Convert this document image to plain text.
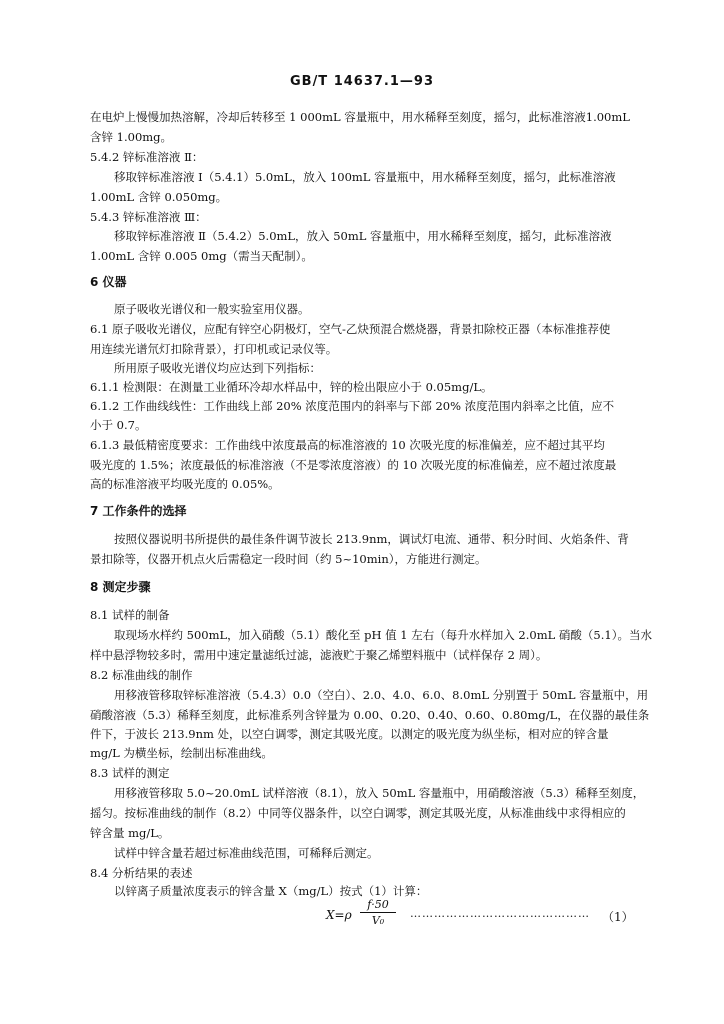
GB/T 14637.1—93
在电炉上慢慢加热溶解，冷却后转移至 1 000mL 容量瓶中，用水稀释至刻度，摇匀，此标准溶液1.00mL
含锌 1.00mg。
5.4.2 锌标准溶液 Ⅱ：
移取锌标准溶液 Ⅰ（5.4.1）5.0mL，放入 100mL 容量瓶中，用水稀释至刻度，摇匀，此标准溶液
1.00mL 含锌 0.050mg。
5.4.3 锌标准溶液 Ⅲ：
移取锌标准溶液 Ⅱ（5.4.2）5.0mL，放入 50mL 容量瓶中，用水稀释至刻度，摇匀，此标准溶液
1.00mL 含锌 0.005 0mg（需当天配制）。
6 仪器
原子吸收光谱仪和一般实验室用仪器。
6.1 原子吸收光谱仪，应配有锌空心阴极灯，空气-乙炔预混合燃烧器，背景扣除校正器（本标准推荐使
用连续光谱氘灯扣除背景），打印机或记录仪等。
所用原子吸收光谱仪均应达到下列指标：
6.1.1 检测限：在测量工业循环冷却水样品中，锌的检出限应小于 0.05mg/L。
6.1.2 工作曲线线性：工作曲线上部 20% 浓度范围内的斜率与下部 20% 浓度范围内斜率之比值，应不
小于 0.7。
6.1.3 最低精密度要求：工作曲线中浓度最高的标准溶液的 10 次吸光度的标准偏差，应不超过其平均
吸光度的 1.5%；浓度最低的标准溶液（不是零浓度溶液）的 10 次吸光度的标准偏差，应不超过浓度最
高的标准溶液平均吸光度的 0.05%。
7 工作条件的选择
按照仪器说明书所提供的最佳条件调节波长 213.9nm，调试灯电流、通带、积分时间、火焰条件、背
景扣除等，仪器开机点火后需稳定一段时间（约 5~10min），方能进行测定。
8 测定步骤
8.1 试样的制备
取现场水样约 500mL，加入硝酸（5.1）酸化至 pH 值 1 左右（每升水样加入 2.0mL 硝酸（5.1）。当水
样中悬浮物较多时，需用中速定量滤纸过滤，滤液贮于聚乙烯塑料瓶中（试样保存 2 周）。
8.2 标准曲线的制作
用移液管移取锌标准溶液（5.4.3）0.0（空白）、2.0、4.0、6.0、8.0mL 分别置于 50mL 容量瓶中，用
硝酸溶液（5.3）稀释至刻度，此标准系列含锌量为 0.00、0.20、0.40、0.60、0.80mg/L，在仪器的最佳条
件下，于波长 213.9nm 处，以空白调零，测定其吸光度。以测定的吸光度为纵坐标，相对应的锌含量
mg/L 为横坐标，绘制出标准曲线。
8.3 试样的测定
用移液管移取 5.0~20.0mL 试样溶液（8.1），放入 50mL 容量瓶中，用硝酸溶液（5.3）稀释至刻度，
摇匀。按标准曲线的制作（8.2）中同等仪器条件，以空白调零，测定其吸光度，从标准曲线中求得相应的
锌含量 mg/L。
试样中锌含量若超过标准曲线范围，可稀释后测定。
8.4 分析结果的表述
以锌离子质量浓度表示的锌含量 X（mg/L）按式（1）计算：
X=ρ
f·50
V₀
……………………………………… （1）
